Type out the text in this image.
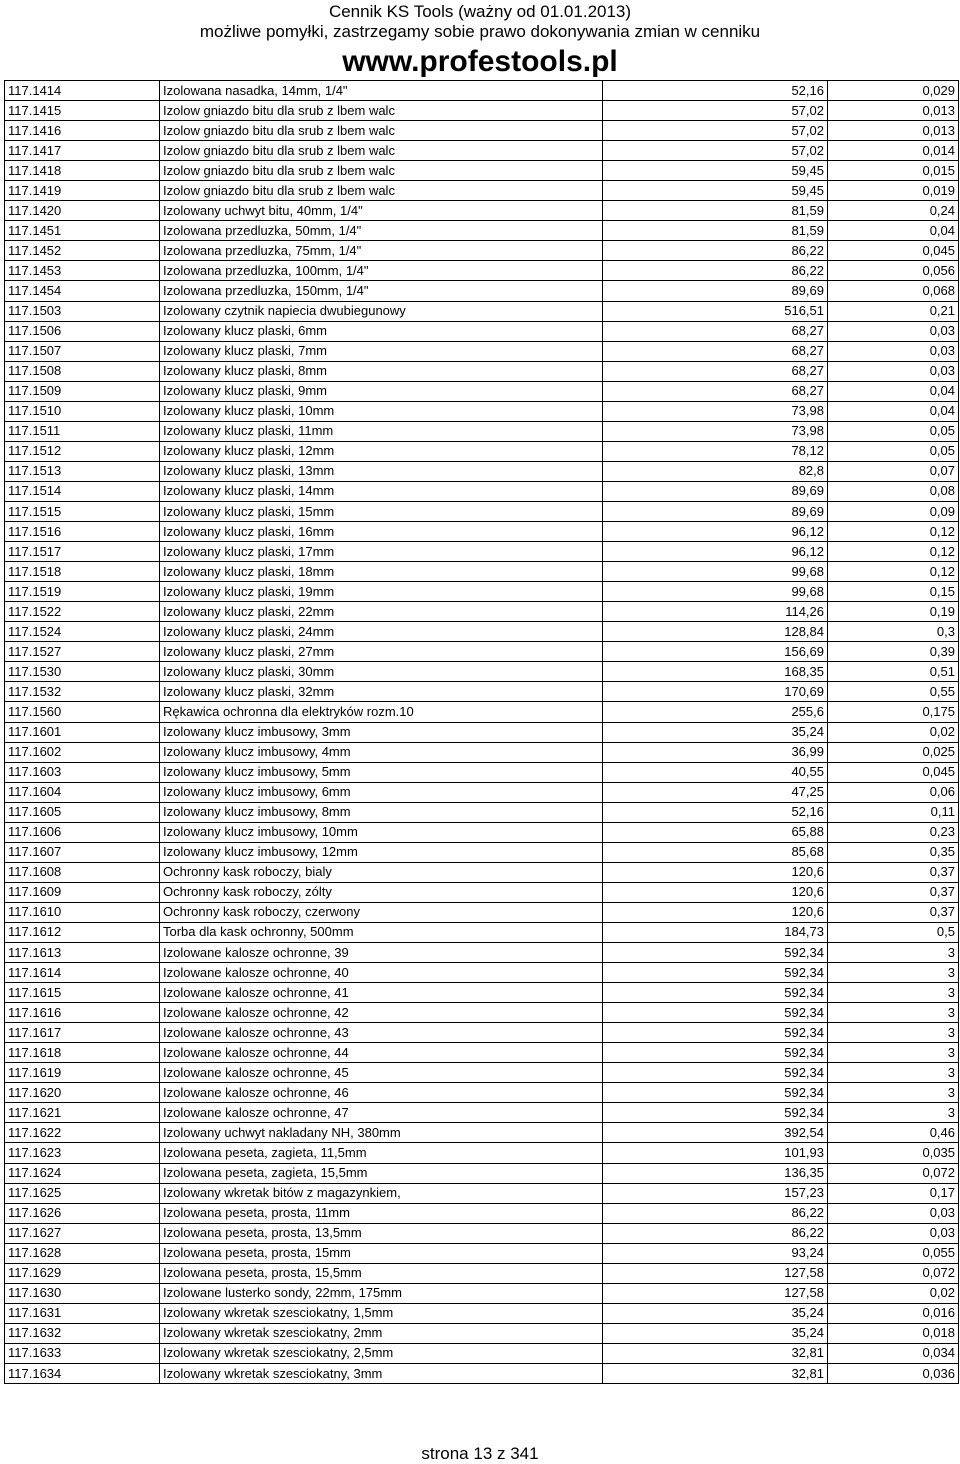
Cennik KS Tools (ważny od 01.01.2013)
możliwe pomyłki, zastrzegamy sobie prawo dokonywania zmian w cenniku
www.profestools.pl
117.1414	Izolowana nasadka, 14mm, 1/4"	52,16	0,029
117.1415	Izolow gniazdo bitu dla srub z lbem walc	57,02	0,013
117.1416	Izolow gniazdo bitu dla srub z lbem walc	57,02	0,013
117.1417	Izolow gniazdo bitu dla srub z lbem walc	57,02	0,014
117.1418	Izolow gniazdo bitu dla srub z lbem walc	59,45	0,015
117.1419	Izolow gniazdo bitu dla srub z lbem walc	59,45	0,019
117.1420	Izolowany uchwyt bitu, 40mm, 1/4"	81,59	0,24
117.1451	Izolowana przedluzka, 50mm, 1/4"	81,59	0,04
117.1452	Izolowana przedluzka, 75mm, 1/4"	86,22	0,045
117.1453	Izolowana przedluzka, 100mm, 1/4"	86,22	0,056
117.1454	Izolowana przedluzka, 150mm, 1/4"	89,69	0,068
117.1503	Izolowany czytnik napiecia dwubiegunowy	516,51	0,21
117.1506	Izolowany klucz plaski, 6mm	68,27	0,03
117.1507	Izolowany klucz plaski, 7mm	68,27	0,03
117.1508	Izolowany klucz plaski, 8mm	68,27	0,03
117.1509	Izolowany klucz plaski, 9mm	68,27	0,04
117.1510	Izolowany klucz plaski, 10mm	73,98	0,04
117.1511	Izolowany klucz plaski, 11mm	73,98	0,05
117.1512	Izolowany klucz plaski, 12mm	78,12	0,05
117.1513	Izolowany klucz plaski, 13mm	82,8	0,07
117.1514	Izolowany klucz plaski, 14mm	89,69	0,08
117.1515	Izolowany klucz plaski, 15mm	89,69	0,09
117.1516	Izolowany klucz plaski, 16mm	96,12	0,12
117.1517	Izolowany klucz plaski, 17mm	96,12	0,12
117.1518	Izolowany klucz plaski, 18mm	99,68	0,12
117.1519	Izolowany klucz plaski, 19mm	99,68	0,15
117.1522	Izolowany klucz plaski, 22mm	114,26	0,19
117.1524	Izolowany klucz plaski, 24mm	128,84	0,3
117.1527	Izolowany klucz plaski, 27mm	156,69	0,39
117.1530	Izolowany klucz plaski, 30mm	168,35	0,51
117.1532	Izolowany klucz plaski, 32mm	170,69	0,55
117.1560	Rękawica ochronna dla elektryków rozm.10	255,6	0,175
117.1601	Izolowany klucz imbusowy, 3mm	35,24	0,02
117.1602	Izolowany klucz imbusowy, 4mm	36,99	0,025
117.1603	Izolowany klucz imbusowy, 5mm	40,55	0,045
117.1604	Izolowany klucz imbusowy, 6mm	47,25	0,06
117.1605	Izolowany klucz imbusowy, 8mm	52,16	0,11
117.1606	Izolowany klucz imbusowy, 10mm	65,88	0,23
117.1607	Izolowany klucz imbusowy, 12mm	85,68	0,35
117.1608	Ochronny kask roboczy, bialy	120,6	0,37
117.1609	Ochronny kask roboczy, zólty	120,6	0,37
117.1610	Ochronny kask roboczy, czerwony	120,6	0,37
117.1612	Torba dla kask ochronny, 500mm	184,73	0,5
117.1613	Izolowane kalosze ochronne, 39	592,34	3
117.1614	Izolowane kalosze ochronne, 40	592,34	3
117.1615	Izolowane kalosze ochronne, 41	592,34	3
117.1616	Izolowane kalosze ochronne, 42	592,34	3
117.1617	Izolowane kalosze ochronne, 43	592,34	3
117.1618	Izolowane kalosze ochronne, 44	592,34	3
117.1619	Izolowane kalosze ochronne, 45	592,34	3
117.1620	Izolowane kalosze ochronne, 46	592,34	3
117.1621	Izolowane kalosze ochronne, 47	592,34	3
117.1622	Izolowany uchwyt nakladany NH, 380mm	392,54	0,46
117.1623	Izolowana peseta, zagieta, 11,5mm	101,93	0,035
117.1624	Izolowana peseta, zagieta, 15,5mm	136,35	0,072
117.1625	Izolowany wkretak bitów z magazynkiem,	157,23	0,17
117.1626	Izolowana peseta, prosta, 11mm	86,22	0,03
117.1627	Izolowana peseta, prosta, 13,5mm	86,22	0,03
117.1628	Izolowana peseta, prosta, 15mm	93,24	0,055
117.1629	Izolowana peseta, prosta, 15,5mm	127,58	0,072
117.1630	Izolowane lusterko sondy, 22mm, 175mm	127,58	0,02
117.1631	Izolowany wkretak szesciokatny, 1,5mm	35,24	0,016
117.1632	Izolowany wkretak szesciokatny, 2mm	35,24	0,018
117.1633	Izolowany wkretak szesciokatny, 2,5mm	32,81	0,034
117.1634	Izolowany wkretak szesciokatny, 3mm	32,81	0,036
strona 13 z 341
